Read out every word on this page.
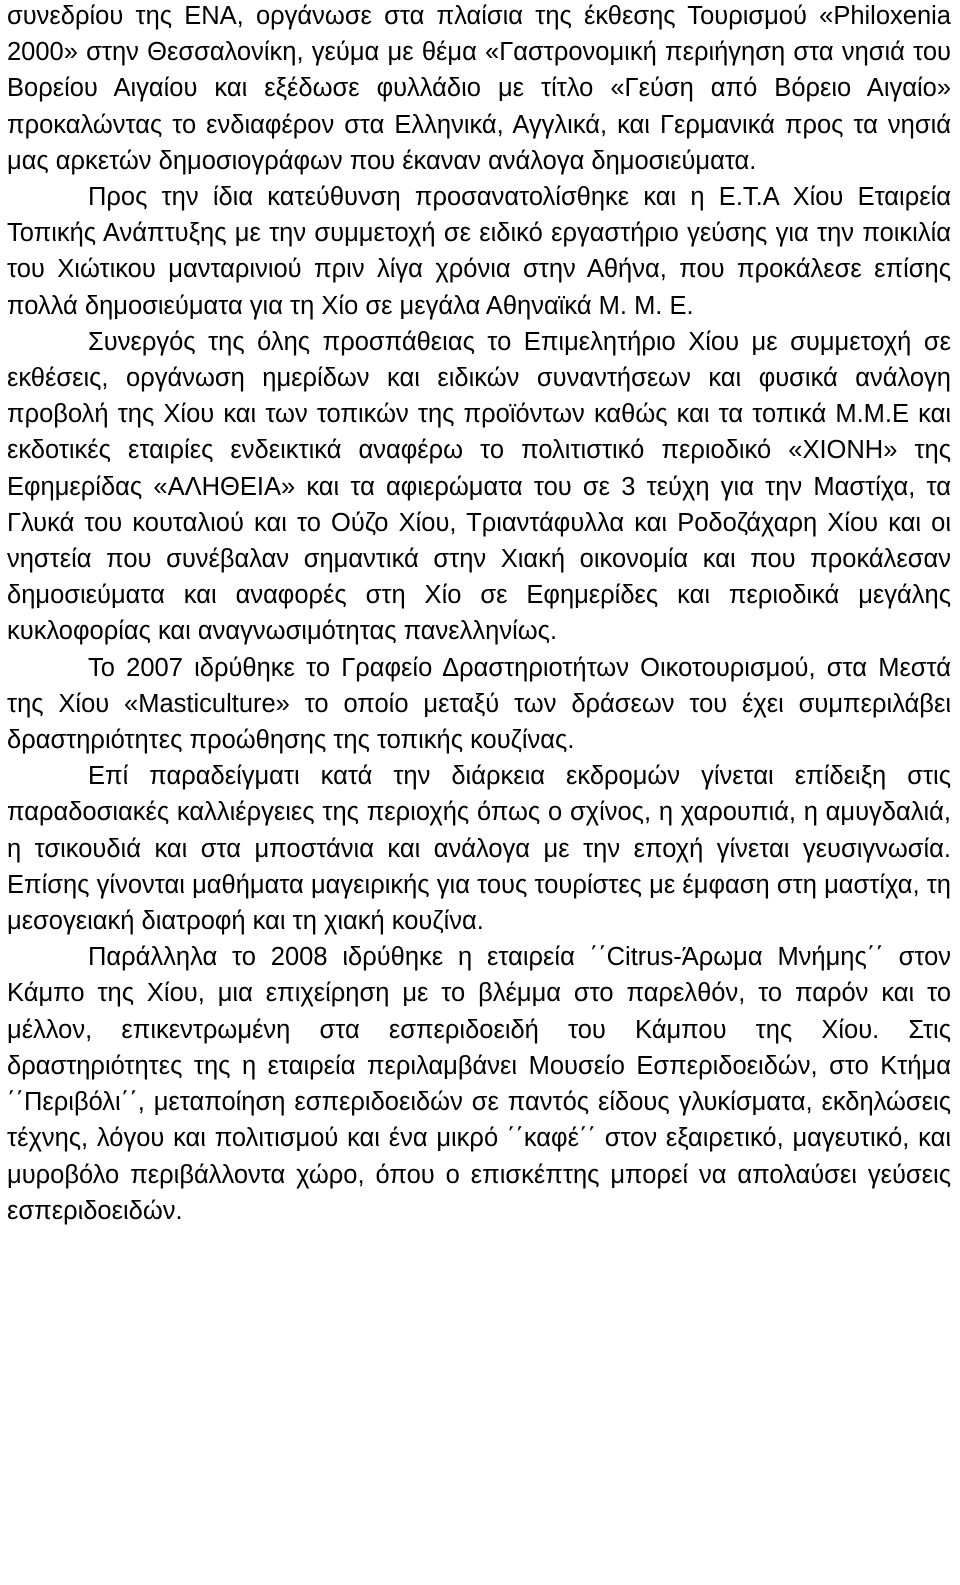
συνεδρίου της ΕΝΑ, οργάνωσε στα πλαίσια της έκθεσης Τουρισμού «Philoxenia 2000» στην Θεσσαλονίκη, γεύμα με θέμα «Γαστρονομική περιήγηση στα νησιά του Βορείου Αιγαίου και εξέδωσε φυλλάδιο με τίτλο «Γεύση από Βόρειο Αιγαίο» προκαλώντας το ενδιαφέρον στα Ελληνικά, Αγγλικά, και Γερμανικά προς τα νησιά μας αρκετών δημοσιογράφων που έκαναν ανάλογα δημοσιεύματα.

Προς την ίδια κατεύθυνση προσανατολίσθηκε και η Ε.Τ.Α Χίου Εταιρεία Τοπικής Ανάπτυξης με την συμμετοχή σε ειδικό εργαστήριο γεύσης για την ποικιλία του Χιώτικου μανταρινιού πριν λίγα χρόνια στην Αθήνα, που προκάλεσε επίσης πολλά δημοσιεύματα για τη Χίο σε μεγάλα Αθηναϊκά Μ. Μ. Ε.

Συνεργός της όλης προσπάθειας το Επιμελητήριο Χίου με συμμετοχή σε εκθέσεις, οργάνωση ημερίδων και ειδικών συναντήσεων και φυσικά ανάλογη προβολή της Χίου και των τοπικών της προϊόντων καθώς και τα τοπικά Μ.Μ.Ε και εκδοτικές εταιρίες ενδεικτικά αναφέρω το πολιτιστικό περιοδικό «ΧΙΟΝΗ» της Εφημερίδας «ΑΛΗΘΕΙΑ» και τα αφιερώματα του σε 3 τεύχη για την Μαστίχα, τα Γλυκά του κουταλιού και το Ούζο Χίου, Τριαντάφυλλα και Ροδοζάχαρη Χίου και οι νηστεία που συνέβαλαν σημαντικά στην Χιακή οικονομία και που προκάλεσαν δημοσιεύματα και αναφορές στη Χίο σε Εφημερίδες και περιοδικά μεγάλης κυκλοφορίας και αναγνωσιμότητας πανελληνίως.

Το 2007 ιδρύθηκε το Γραφείο Δραστηριοτήτων Οικοτουρισμού, στα Μεστά της Χίου «Masticulture» το οποίο μεταξύ των δράσεων του έχει συμπεριλάβει δραστηριότητες προώθησης της τοπικής κουζίνας.

Επί παραδείγματι κατά την διάρκεια εκδρομών γίνεται επίδειξη στις παραδοσιακές καλλιέργειες της περιοχής όπως ο σχίνος, η χαρουπιά, η αμυγδαλιά, η τσικουδιά και στα μποστάνια και ανάλογα με την εποχή γίνεται γευσιγνωσία. Επίσης γίνονται μαθήματα μαγειρικής για τους τουρίστες με έμφαση στη μαστίχα, τη μεσογειακή διατροφή και τη χιακή κουζίνα.

Παράλληλα το 2008 ιδρύθηκε η εταιρεία ΄΄Citrus-Άρωμα Μνήμης΄΄ στον Κάμπο της Χίου, μια επιχείρηση με το βλέμμα στο παρελθόν, το παρόν και το μέλλον, επικεντρωμένη στα εσπεριδοειδή του Κάμπου της Χίου. Στις δραστηριότητες της η εταιρεία περιλαμβάνει Μουσείο Εσπεριδοειδών, στο Κτήμα ΄΄Περιβόλι΄΄, μεταποίηση εσπεριδοειδών σε παντός είδους γλυκίσματα, εκδηλώσεις τέχνης, λόγου και πολιτισμού και ένα μικρό ΄΄καφέ΄΄ στον εξαιρετικό, μαγευτικό, και μυροβόλο περιβάλλοντα χώρο, όπου ο επισκέπτης μπορεί να απολαύσει γεύσεις εσπεριδοειδών.
